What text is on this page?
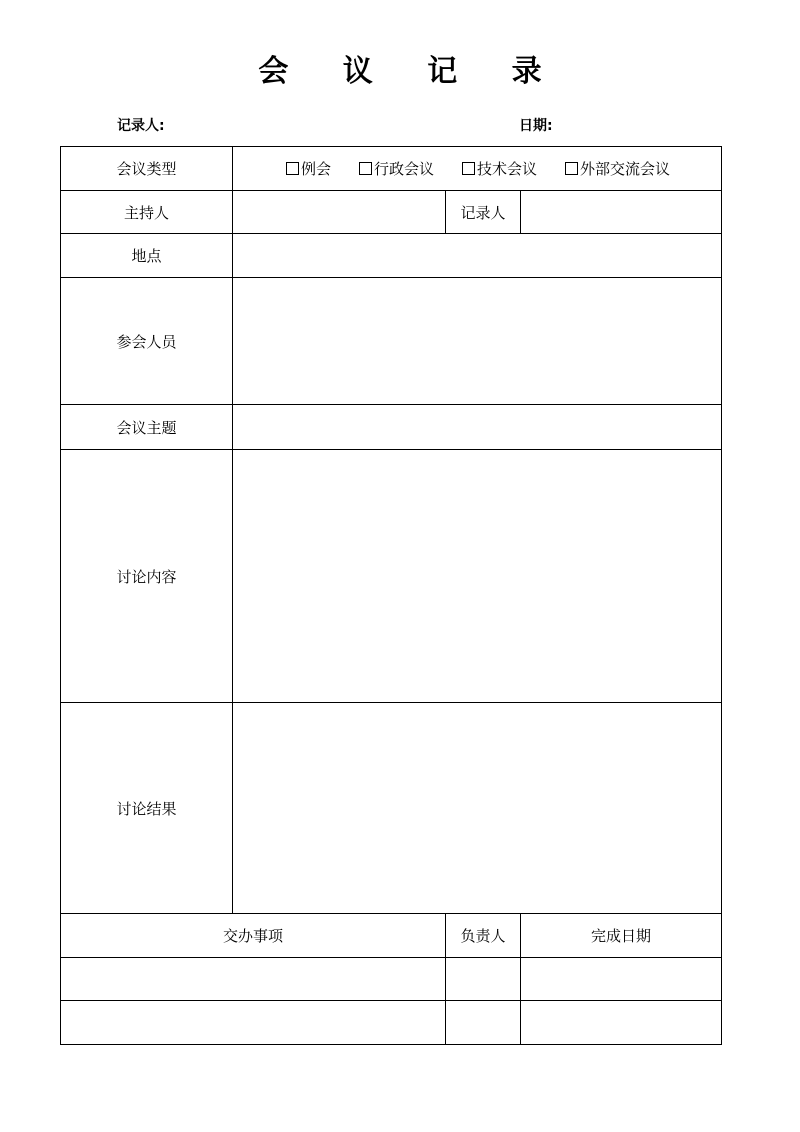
会 议 记 录
记录人:	日期:
会议类型	例会 行政会议 技术会议 外部交流会议		

主持人		记录人	
地点			
参会人员			
会议主题			
讨论内容			
讨论结果			
交办事项		负责人	完成日期
